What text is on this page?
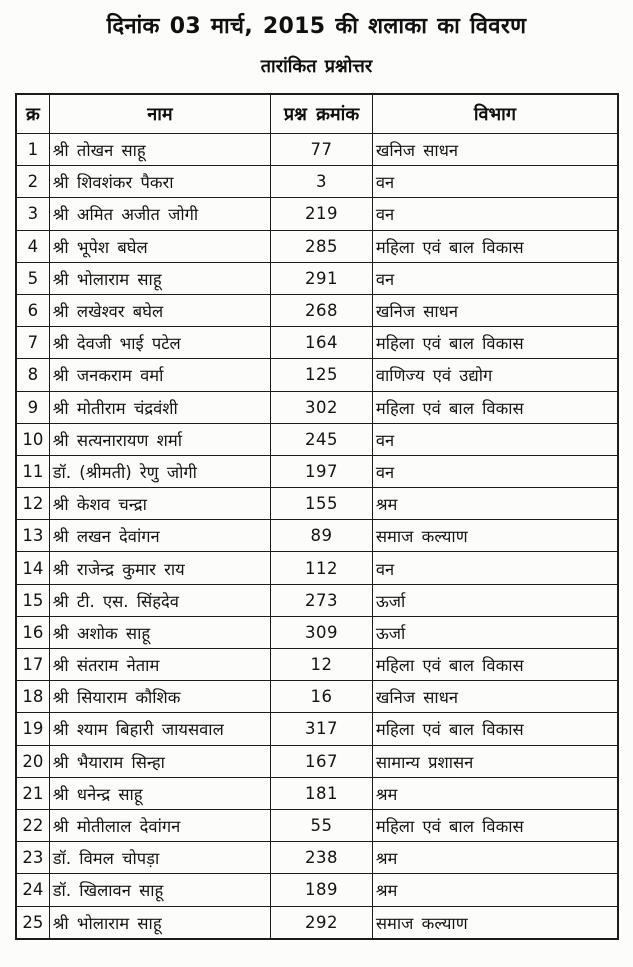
दिनांक 03 मार्च, 2015 की शलाका का विवरण
तारांकित प्रश्नोत्तर
क्र	नाम	प्रश्न क्रमांक	विभाग
1	श्री तोखन साहू	77	खनिज साधन
2	श्री शिवशंकर पैकरा	3	वन
3	श्री अमित अजीत जोगी	219	वन
4	श्री भूपेश बघेल	285	महिला एवं बाल विकास
5	श्री भोलाराम साहू	291	वन
6	श्री लखेश्वर बघेल	268	खनिज साधन
7	श्री देवजी भाई पटेल	164	महिला एवं बाल विकास
8	श्री जनकराम वर्मा	125	वाणिज्य एवं उद्योग
9	श्री मोतीराम चंद्रवंशी	302	महिला एवं बाल विकास
10	श्री सत्यनारायण शर्मा	245	वन
11	डॉ. (श्रीमती) रेणु जोगी	197	वन
12	श्री केशव चन्द्रा	155	श्रम
13	श्री लखन देवांगन	89	समाज कल्याण
14	श्री राजेन्द्र कुमार राय	112	वन
15	श्री टी. एस. सिंहदेव	273	ऊर्जा
16	श्री अशोक साहू	309	ऊर्जा
17	श्री संतराम नेताम	12	महिला एवं बाल विकास
18	श्री सियाराम कौशिक	16	खनिज साधन
19	श्री श्याम बिहारी जायसवाल	317	महिला एवं बाल विकास
20	श्री भैयाराम सिन्हा	167	सामान्य प्रशासन
21	श्री धनेन्द्र साहू	181	श्रम
22	श्री मोतीलाल देवांगन	55	महिला एवं बाल विकास
23	डॉ. विमल चोपड़ा	238	श्रम
24	डॉ. खिलावन साहू	189	श्रम
25	श्री भोलाराम साहू	292	समाज कल्याण
